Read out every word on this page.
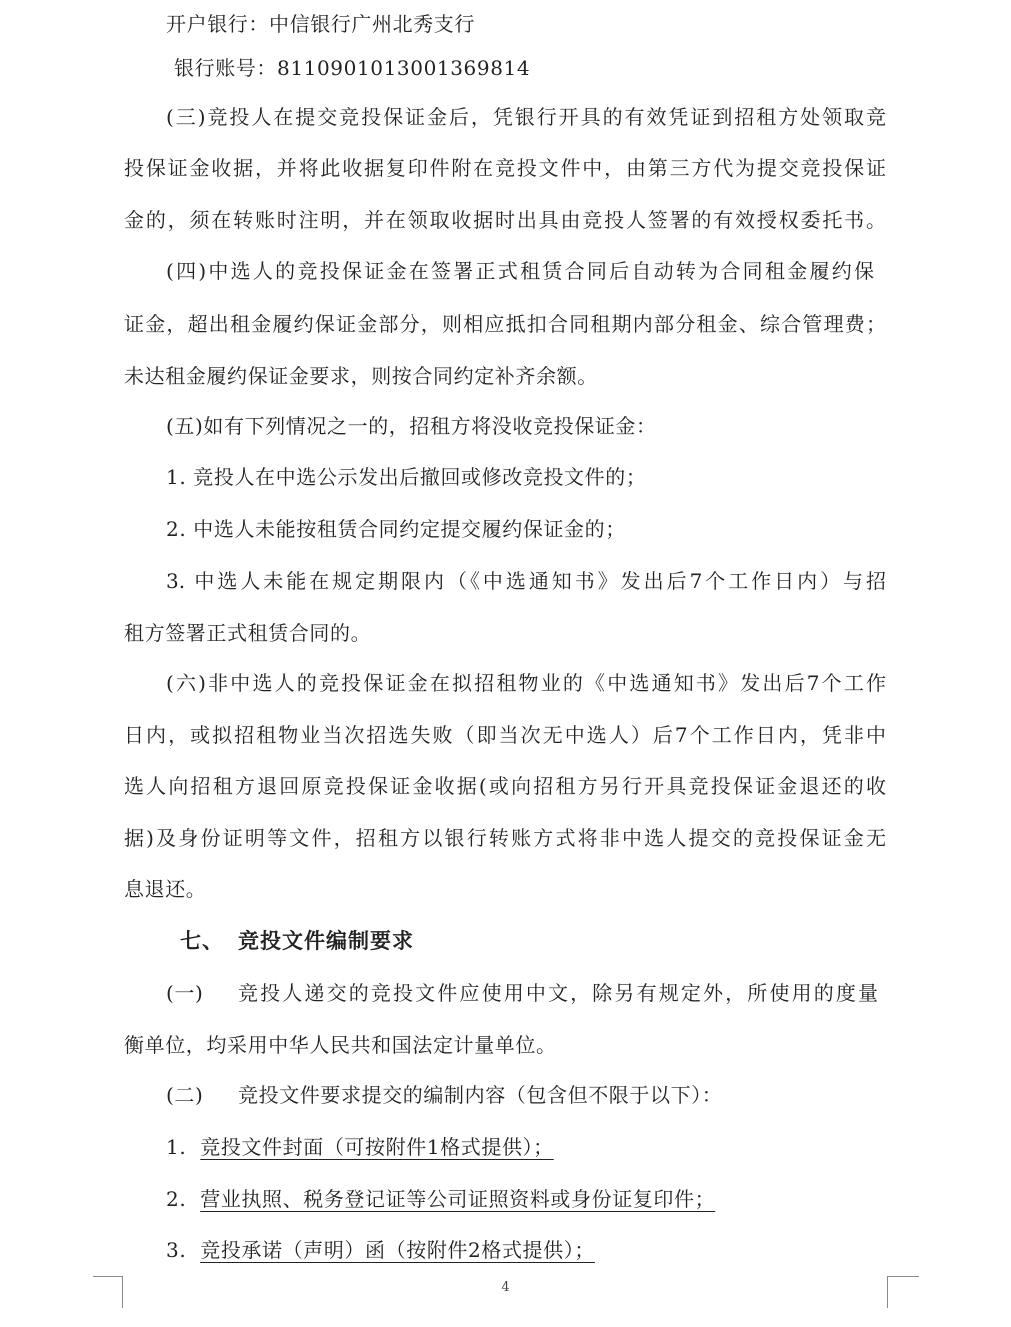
开户银行：中信银行广州北秀支行
银行账号：8110901013001369814
(三)竞投人在提交竞投保证金后，凭银行开具的有效凭证到招租方处领取竞
投保证金收据，并将此收据复印件附在竞投文件中，由第三方代为提交竞投保证
金的，须在转账时注明，并在领取收据时出具由竞投人签署的有效授权委托书。
(四)中选人的竞投保证金在签署正式租赁合同后自动转为合同租金履约保
证金，超出租金履约保证金部分，则相应抵扣合同租期内部分租金、综合管理费；
未达租金履约保证金要求，则按合同约定补齐余额。
(五)如有下列情况之一的，招租方将没收竞投保证金：
1. 竞投人在中选公示发出后撤回或修改竞投文件的；
2. 中选人未能按租赁合同约定提交履约保证金的；
3. 中选人未能在规定期限内（《中选通知书》发出后7个工作日内）与招
租方签署正式租赁合同的。
(六)非中选人的竞投保证金在拟招租物业的《中选通知书》发出后7个工作
日内，或拟招租物业当次招选失败（即当次无中选人）后7个工作日内，凭非中
选人向招租方退回原竞投保证金收据(或向招租方另行开具竞投保证金退还的收
据)及身份证明等文件，招租方以银行转账方式将非中选人提交的竞投保证金无
息退还。
七、 竞投文件编制要求
(一)	竞投人递交的竞投文件应使用中文，除另有规定外，所使用的度量
衡单位，均采用中华人民共和国法定计量单位。
(二) 竞投文件要求提交的编制内容（包含但不限于以下）：
1. 竞投文件封面（可按附件1格式提供）；
2. 营业执照、税务登记证等公司证照资料或身份证复印件；
3. 竞投承诺（声明）函（按附件2格式提供）；
4
